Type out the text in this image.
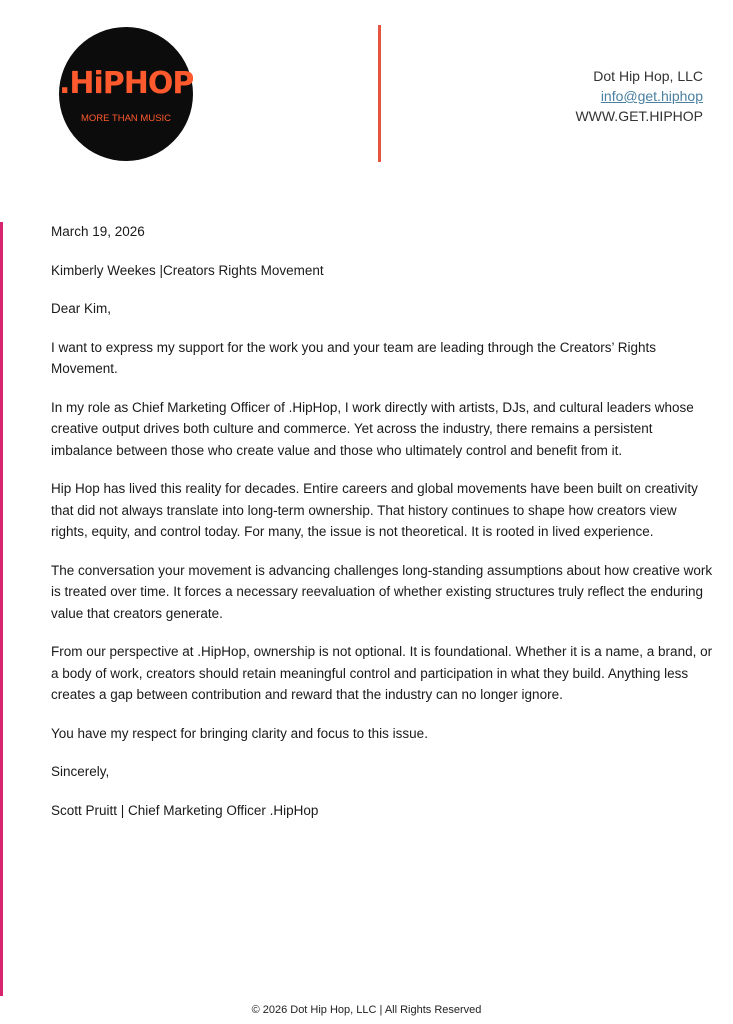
.HiPHOP
MORE THAN MUSIC
Dot Hip Hop, LLC
info@get.hiphop
WWW.GET.HIPHOP

March 19, 2026

Kimberly Weekes |Creators Rights Movement

Dear Kim,

I want to express my support for the work you and your team are leading through the Creators’ Rights Movement.

In my role as Chief Marketing Officer of .HipHop, I work directly with artists, DJs, and cultural leaders whose creative output drives both culture and commerce. Yet across the industry, there remains a persistent imbalance between those who create value and those who ultimately control and benefit from it.

Hip Hop has lived this reality for decades. Entire careers and global movements have been built on creativity that did not always translate into long-term ownership. That history continues to shape how creators view rights, equity, and control today. For many, the issue is not theoretical. It is rooted in lived experience.

The conversation your movement is advancing challenges long-standing assumptions about how creative work is treated over time. It forces a necessary reevaluation of whether existing structures truly reflect the enduring value that creators generate.

From our perspective at .HipHop, ownership is not optional. It is foundational. Whether it is a name, a brand, or a body of work, creators should retain meaningful control and participation in what they build. Anything less creates a gap between contribution and reward that the industry can no longer ignore.

You have my respect for bringing clarity and focus to this issue.

Sincerely,

Scott Pruitt | Chief Marketing Officer .HipHop

© 2026 Dot Hip Hop, LLC | All Rights Reserved
